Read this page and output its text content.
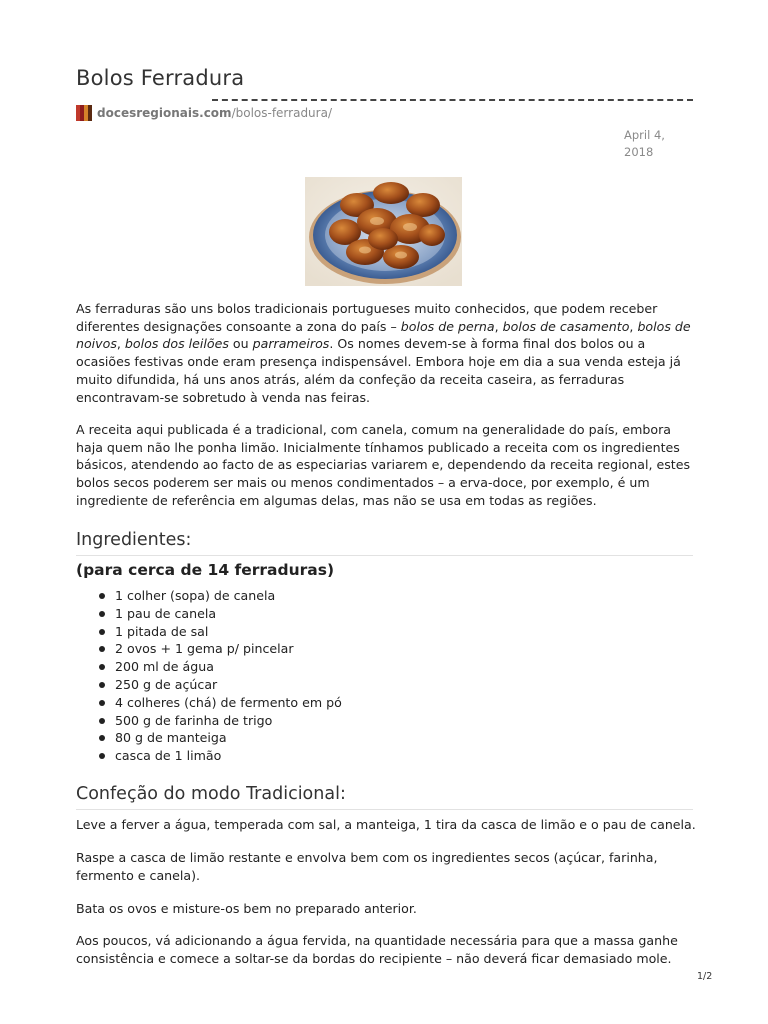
Bolos Ferradura
docesregionais.com /bolos-ferradura/
April 4,
2018

As ferraduras são uns bolos tradicionais portugueses muito conhecidos, que podem receber diferentes designações consoante a zona do país – bolos de perna, bolos de casamento, bolos de noivos, bolos dos leilões ou parrameiros. Os nomes devem-se à forma final dos bolos ou a ocasiões festivas onde eram presença indispensável. Embora hoje em dia a sua venda esteja já muito difundida, há uns anos atrás, além da confeção da receita caseira, as ferraduras encontravam-se sobretudo à venda nas feiras.

A receita aqui publicada é a tradicional, com canela, comum na generalidade do país, embora haja quem não lhe ponha limão. Inicialmente tínhamos publicado a receita com os ingredientes básicos, atendendo ao facto de as especiarias variarem e, dependendo da receita regional, estes bolos secos poderem ser mais ou menos condimentados – a erva-doce, por exemplo, é um ingrediente de referência em algumas delas, mas não se usa em todas as regiões.

Ingredientes:
(para cerca de 14 ferraduras)
1 colher (sopa) de canela
1 pau de canela
1 pitada de sal
2 ovos + 1 gema p/ pincelar
200 ml de água
250 g de açúcar
4 colheres (chá) de fermento em pó
500 g de farinha de trigo
80 g de manteiga
casca de 1 limão
Confeção do modo Tradicional:

Leve a ferver a água, temperada com sal, a manteiga, 1 tira da casca de limão e o pau de canela.

Raspe a casca de limão restante e envolva bem com os ingredientes secos (açúcar, farinha, fermento e canela).

Bata os ovos e misture-os bem no preparado anterior.

Aos poucos, vá adicionando a água fervida, na quantidade necessária para que a massa ganhe consistência e comece a soltar-se da bordas do recipiente – não deverá ficar demasiado mole.

1/2
